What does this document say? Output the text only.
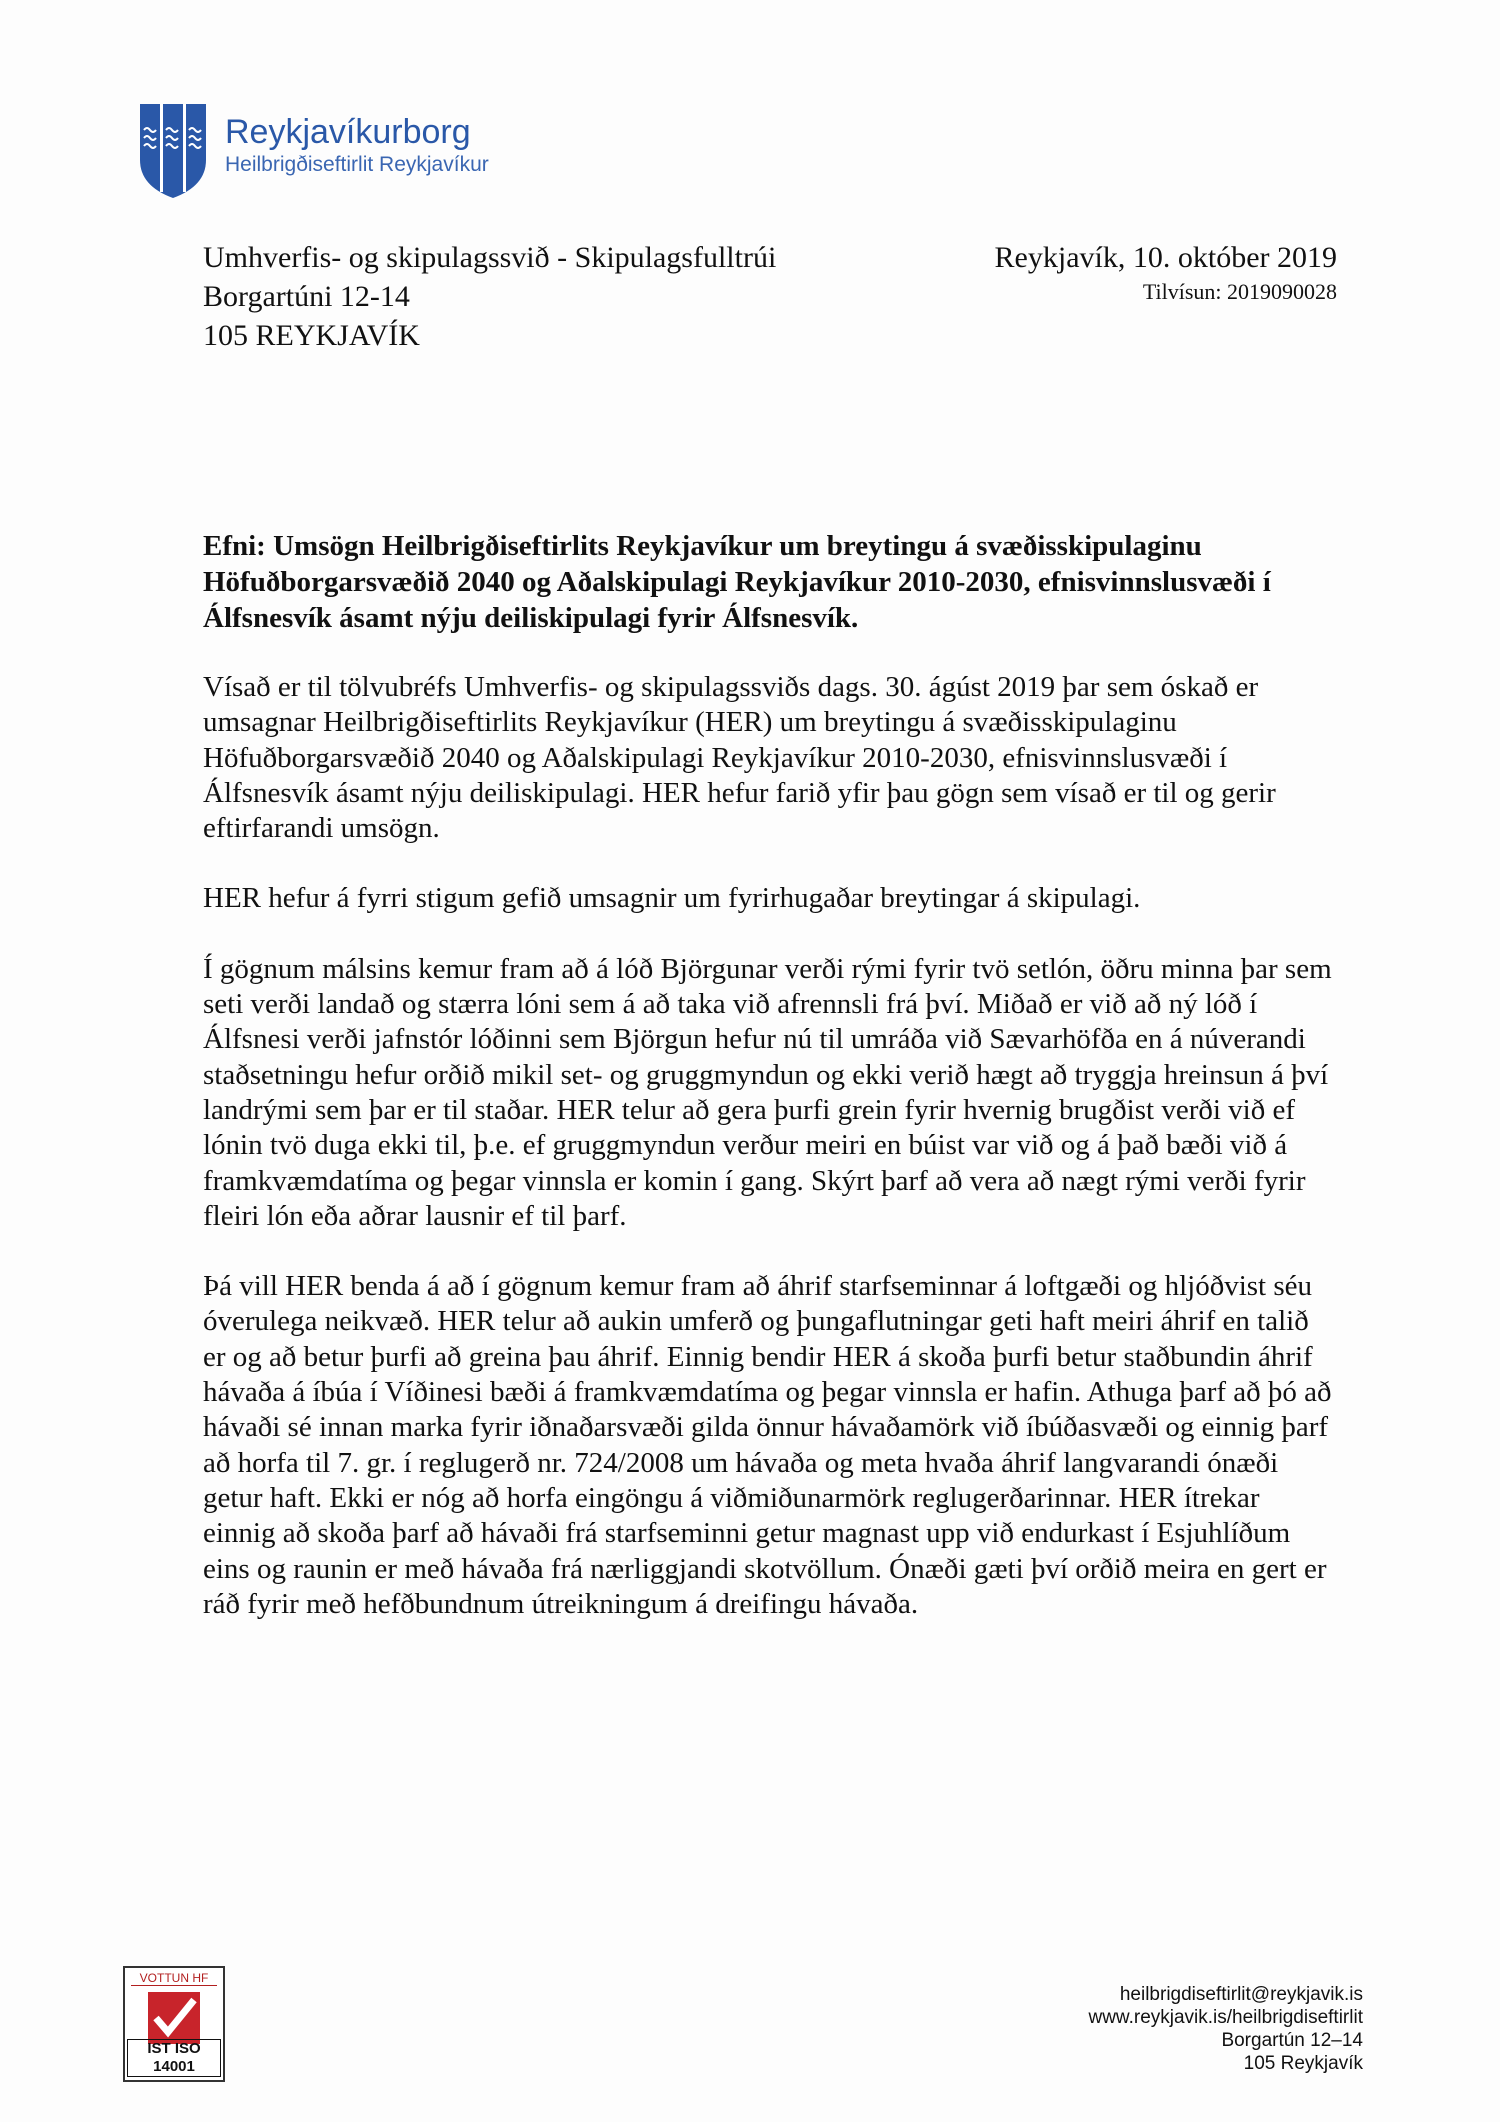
Reykjavíkurborg
Heilbrigðiseftirlit Reykjavíkur
Umhverfis- og skipulagssvið - Skipulagsfulltrúi
Borgartúni 12-14
105 REYKJAVÍK
Reykjavík, 10. október 2019
Tilvísun: 2019090028
Efni: Umsögn Heilbrigðiseftirlits Reykjavíkur um breytingu á svæðisskipulaginu Höfuðborgarsvæðið 2040 og Aðalskipulagi Reykjavíkur 2010-2030, efnisvinnslusvæði í Álfsnesvík ásamt nýju deiliskipulagi fyrir Álfsnesvík.

Vísað er til tölvubréfs Umhverfis- og skipulagssviðs dags. 30. ágúst 2019 þar sem óskað er umsagnar Heilbrigðiseftirlits Reykjavíkur (HER) um breytingu á svæðisskipulaginu Höfuðborgarsvæðið 2040 og Aðalskipulagi Reykjavíkur 2010-2030, efnisvinnslusvæði í Álfsnesvík ásamt nýju deiliskipulagi. HER hefur farið yfir þau gögn sem vísað er til og gerir eftirfarandi umsögn.

HER hefur á fyrri stigum gefið umsagnir um fyrirhugaðar breytingar á skipulagi.

Í gögnum málsins kemur fram að á lóð Björgunar verði rými fyrir tvö setlón, öðru minna þar sem seti verði landað og stærra lóni sem á að taka við afrennsli frá því. Miðað er við að ný lóð í Álfsnesi verði jafnstór lóðinni sem Björgun hefur nú til umráða við Sævarhöfða en á núverandi staðsetningu hefur orðið mikil set- og gruggmyndun og ekki verið hægt að tryggja hreinsun á því landrými sem þar er til staðar. HER telur að gera þurfi grein fyrir hvernig brugðist verði við ef lónin tvö duga ekki til, þ.e. ef gruggmyndun verður meiri en búist var við og á það bæði við á framkvæmdatíma og þegar vinnsla er komin í gang. Skýrt þarf að vera að nægt rými verði fyrir fleiri lón eða aðrar lausnir ef til þarf.

Þá vill HER benda á að í gögnum kemur fram að áhrif starfseminnar á loftgæði og hljóðvist séu óverulega neikvæð. HER telur að aukin umferð og þungaflutningar geti haft meiri áhrif en talið er og að betur þurfi að greina þau áhrif. Einnig bendir HER á skoða þurfi betur staðbundin áhrif hávaða á íbúa í Víðinesi bæði á framkvæmdatíma og þegar vinnsla er hafin. Athuga þarf að þó að hávaði sé innan marka fyrir iðnaðarsvæði gilda önnur hávaðamörk við íbúðasvæði og einnig þarf að horfa til 7. gr. í reglugerð nr. 724/2008 um hávaða og meta hvaða áhrif langvarandi ónæði getur haft. Ekki er nóg að horfa eingöngu á viðmiðunarmörk reglugerðarinnar. HER ítrekar einnig að skoða þarf að hávaði frá starfseminni getur magnast upp við endurkast í Esjuhlíðum eins og raunin er með hávaða frá nærliggjandi skotvöllum. Ónæði gæti því orðið meira en gert er ráð fyrir með hefðbundnum útreikningum á dreifingu hávaða.

VOTTUN HF
IST ISO 14001
heilbrigdiseftirlit@reykjavik.is
www.reykjavik.is/heilbrigdiseftirlit
Borgartún 12–14
105 Reykjavík
